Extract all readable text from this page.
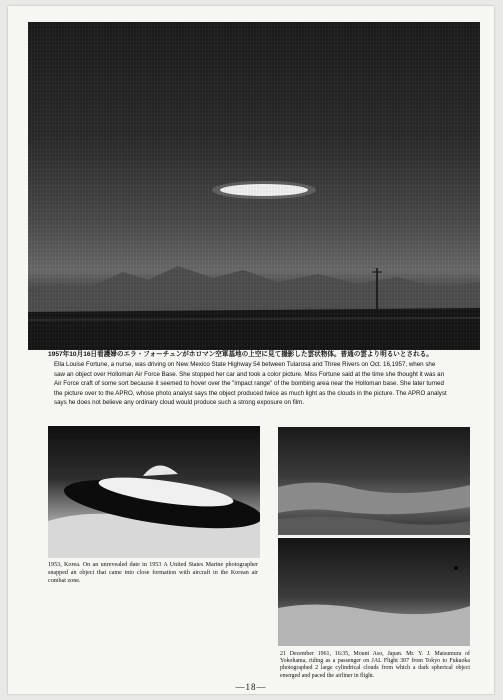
1957年10月16日看護婦のエラ・フォーチュンがホロマン空軍基地の上空に見て撮影した雲状物体。普通の雲より明るいとされる。
Ella Louise Fortune, a nurse, was driving on New Mexico State Highway 54 between Tularosa and Three Rivers on Oct. 16,1957, when she saw an object over Holloman Air Force Base. She stopped her car and took a color picture. Miss Fortune said at the time she thought it was an Air Force craft of some sort because it seemed to hover over the "impact range" of the bombing area near the Holloman base. She later turned the picture over to the APRO, whose photo analyst says the object produced twice as much light as the clouds in the picture. The APRO analyst says he does not believe any ordinary cloud would produce such a strong exposure on film.
1953, Korea. On an unrevealed date in 1953 A United States Marine photographer snapped an object that came into close formation with aircraft in the Korean air combat zone.
21 December 1961, 16:35, Mount Aso, Japan. Mr. Y. J. Matsumura of Yokohama, riding as a passenger on JAL Flight 307 from Tokyo to Fukuoka photographed 2 large cylindrical clouds from which a dark spherical object emerged and paced the airliner in flight.
—18—
